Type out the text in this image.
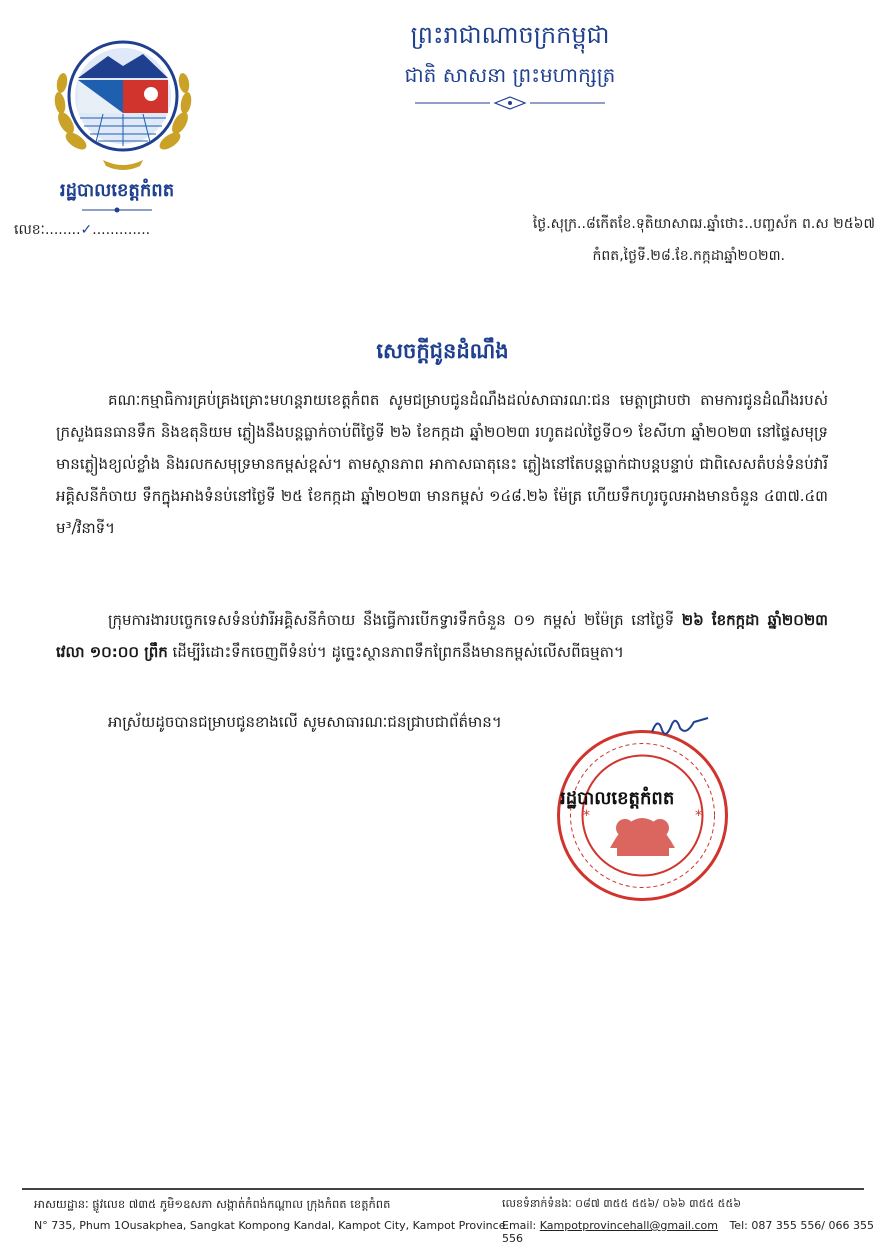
រដ្ឋបាលខេត្តកំពត
លេខៈ........✓.............
ព្រះរាជាណាចក្រកម្ពុជា
ជាតិ សាសនា ព្រះមហាក្សត្រ
ថ្ងៃ.សុក្រ..៨កើតខែ.ទុតិយាសាឍ.ឆ្នាំថោះ..បញ្ចស័ក ព.ស ២៥៦៧
កំពត,ថ្ងៃទី.២៨.ខែ.កក្កដាឆ្នាំ២០២៣.
សេចក្ដីជូនដំណឹង

គណៈកម្មាធិការគ្រប់គ្រងគ្រោះមហន្តរាយខេត្តកំពត សូមជម្រាបជូនដំណឹងដល់សាធារណៈជន មេត្តាជ្រាបថា តាមការជូនដំណឹងរបស់ក្រសួងធនធានទឹក និងឧតុនិយម ភ្លៀងនឹងបន្តធ្លាក់ចាប់ពីថ្ងៃទី ២៦ ខែកក្កដា ឆ្នាំ២០២៣ រហូតដល់ថ្ងៃទី០១ ខែសីហា ឆ្នាំ២០២៣ នៅផ្ទៃសមុទ្រមានភ្លៀងខ្យល់ខ្លាំង និងរលកសមុទ្រមានកម្ពស់ខ្ពស់។ តាមស្ថានភាព អាកាសធាតុនេះ ភ្លៀងនៅតែបន្តធ្លាក់ជាបន្តបន្ទាប់ ជាពិសេសតំបន់ទំនប់វារីអគ្គិសនីកំចាយ ទឹកក្នុងអាងទំនប់នៅថ្ងៃទី ២៥ ខែកក្កដា ឆ្នាំ២០២៣ មានកម្ពស់ ១៤៨.២៦ ម៉ែត្រ ហើយទឹកហូរចូលអាងមានចំនួន ៤៣៧.៤៣ ម³/វិនាទី។

ក្រុមការងារបច្ចេកទេសទំនប់វារីអគ្គិសនីកំចាយ នឹងធ្វើការបើកទ្វារទឹកចំនួន ០១ កម្ពស់ ២ម៉ែត្រ នៅថ្ងៃទី ២៦ ខែកក្កដា ឆ្នាំ២០២៣ វេលា ១០:០០ ព្រឹក ដើម្បីរំដោះទឹកចេញពីទំនប់។ ដូច្នេះស្ថានភាពទឹកព្រែកនឹងមានកម្ពស់លើសពីធម្មតា។

អាស្រ័យដូចបានជម្រាបជូនខាងលើ សូមសាធារណៈជនជ្រាបជាព័ត៌មាន។

*	*
រដ្ឋបាលខេត្តកំពត
អាសយដ្ឋានៈ ផ្លូវលេខ ៧៣៥ ភូមិ១ឧសភា សង្កាត់កំពង់កណ្ដាល ក្រុងកំពត ខេត្តកំពត
N° 735, Phum 1Ousakphea, Sangkat Kompong Kandal, Kampot City, Kampot Province.
លេខទំនាក់ទំនងៈ ០៨៧ ៣៥៥ ៥៥៦/ ០៦៦ ៣៥៥ ៥៥៦
Email: Kampotprovincehall@gmail.com Tel: 087 355 556/ 066 355 556
